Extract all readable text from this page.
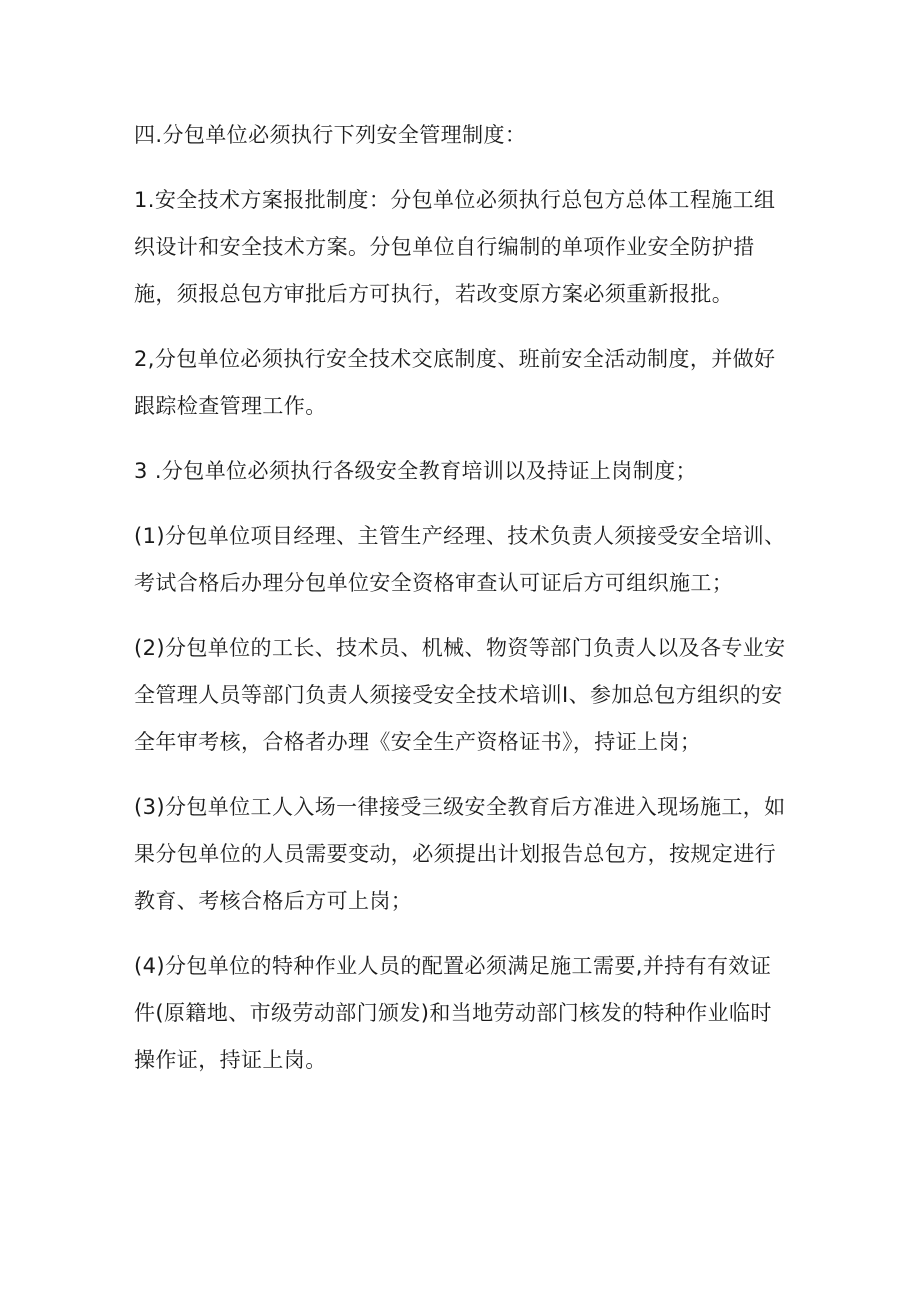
四.分包单位必须执行下列安全管理制度：

1.安全技术方案报批制度：分包单位必须执行总包方总体工程施工组织设计和安全技术方案。分包单位自行编制的单项作业安全防护措施，须报总包方审批后方可执行，若改变原方案必须重新报批。

2,分包单位必须执行安全技术交底制度、班前安全活动制度，并做好跟踪检查管理工作。

3 .分包单位必须执行各级安全教育培训以及持证上岗制度；

(1)分包单位项目经理、主管生产经理、技术负责人须接受安全培训、考试合格后办理分包单位安全资格审查认可证后方可组织施工；

(2)分包单位的工长、技术员、机械、物资等部门负责人以及各专业安全管理人员等部门负责人须接受安全技术培训Ⅰ、参加总包方组织的安全年审考核，合格者办理《安全生产资格证书》，持证上岗；

(3)分包单位工人入场一律接受三级安全教育后方准进入现场施工，如果分包单位的人员需要变动，必须提出计划报告总包方，按规定进行教育、考核合格后方可上岗；

(4)分包单位的特种作业人员的配置必须满足施工需要,并持有有效证件(原籍地、市级劳动部门颁发)和当地劳动部门核发的特种作业临时操作证，持证上岗。
